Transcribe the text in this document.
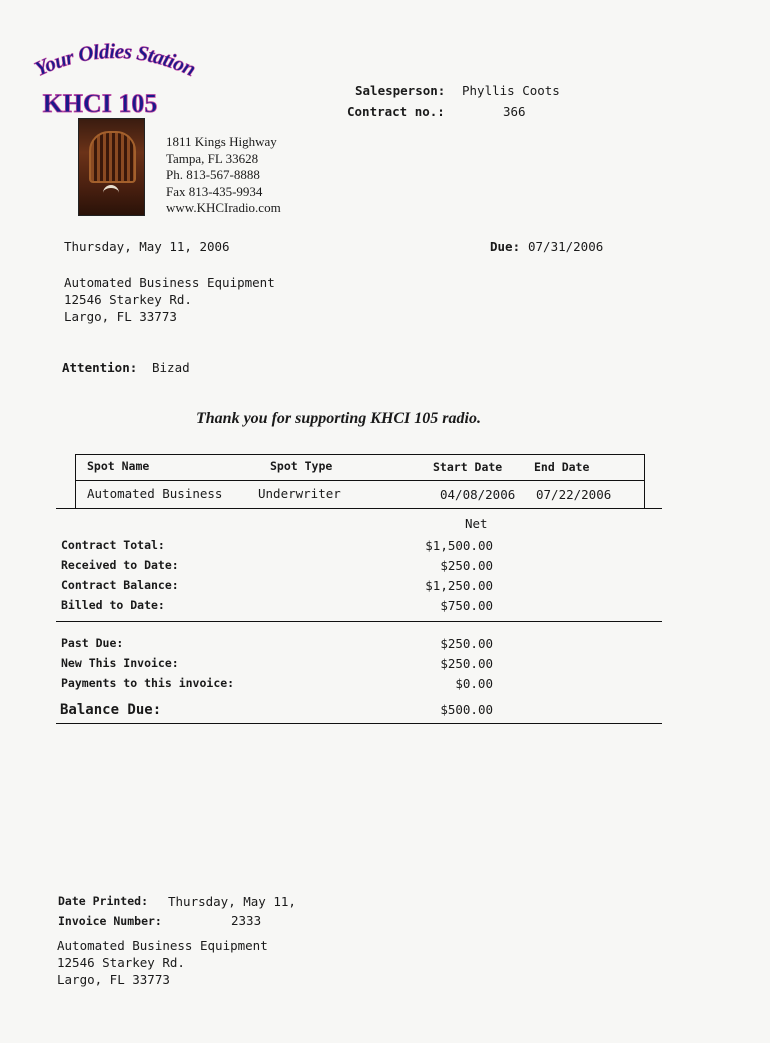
Your Oldies Station
KHCI 105
1811 Kings Highway
Tampa, FL 33628
Ph. 813-567-8888
Fax 813-435-9934
www.KHCIradio.com
Salesperson: Phyllis Coots
Contract no.:	366
Thursday, May 11, 2006	Due: 07/31/2006
Automated Business Equipment
12546 Starkey Rd.
Largo, FL 33773
Attention: Bizad
Thank you for supporting KHCI 105 radio.
Spot Name	Spot Type	Start Date	End Date
Automated Business	Underwriter	04/08/2006 07/22/2006
Net
Contract Total:	$1,500.00
Received to Date:	$250.00
Contract Balance:	$1,250.00
Billed to Date:	$750.00
Past Due:	$250.00
New This Invoice:	$250.00
Payments to this invoice:	$0.00
Balance Due:	$500.00
Date Printed: Thursday, May 11,
Invoice Number:	2333
Automated Business Equipment
12546 Starkey Rd.
Largo, FL 33773
